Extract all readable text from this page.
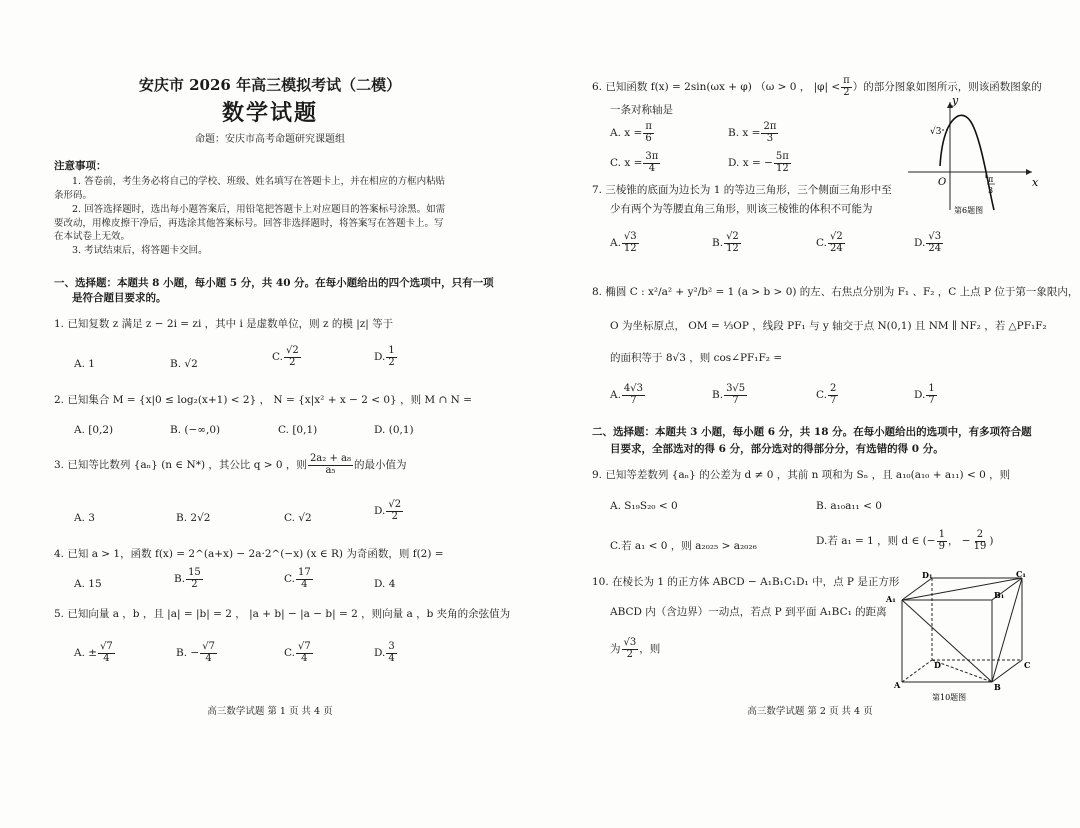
安庆市 2026 年高三模拟考试（二模）
数学试题
命题：安庆市高考命题研究课题组
注意事项：
1. 答卷前，考生务必将自己的学校、班级、姓名填写在答题卡上，并在相应的方框内粘贴
条形码。
2. 回答选择题时，选出每小题答案后，用铅笔把答题卡上对应题目的答案标号涂黑。如需
要改动，用橡皮擦干净后，再选涂其他答案标号。回答非选择题时，将答案写在答题卡上。写
在本试卷上无效。
3. 考试结束后，将答题卡交回。
一、选择题：本题共 8 小题，每小题 5 分，共 40 分。在每小题给出的四个选项中，只有一项
是符合题目要求的。
1. 已知复数 z 满足 z − 2i = zi ，其中 i 是虚数单位，则 z 的模 |z| 等于
A. 1	B. √2
C. $\frac{√2}{2}$	D. $\frac{1}{2}$
2. 已知集合 M = {x|0 ≤ log₂(x+1) < 2} ， N = {x|x² + x − 2 < 0} ，则 M ∩ N =
A. [0,2)	B. (−∞,0)	C. [0,1)	D. (0,1)
3. 已知等比数列 {aₙ} (n ∈ N*) ，其公比 q > 0 ，则 $\frac{\text{2a₂ + a₈}}{\text{a₅}}$ 的最小值为
A. 3	B. 2√2	C. √2
D. $\frac{√2}{2}$
4. 已知 a > 1，函数 f(x) = 2^(a+x) − 2a·2^(−x) (x ∈ R) 为奇函数，则 f(2) =
A. 15	B. $\frac{15}{2}$	C. $\frac{17}{4}$	D. 4
5. 已知向量 a ，b ，且 |a| = |b| = 2 ， |a + b| − |a − b| = 2 ，则向量 a ，b 夹角的余弦值为
A. ± $\frac{√7}{4}$	B. − $\frac{√7}{4}$	C. $\frac{√7}{4}$	D. $\frac{3}{4}$
高三数学试题 第 1 页 共 4 页
6. 已知函数 f(x) = 2sin(ωx + φ) （ω > 0 ， $|\varphi| < \frac{\pi}{2}$ ）的部分图象如图所示，则该函数图象的
一条对称轴是
A. $x = \frac{\pi}{6}$	B. $x = \frac{2\pi}{3}$
C. $x = \frac{3\pi}{4}$	D. x = − $\frac{5\pi}{12}$
y
x
O
√3
π
3
第6题图
7. 三棱锥的底面为边长为 1 的等边三角形，三个侧面三角形中至
少有两个为等腰直角三角形，则该三棱锥的体积不可能为
A. $\frac{√3}{12}$	B. $\frac{√2}{12}$	C. $\frac{√2}{24}$	D. $\frac{√3}{24}$
8. 椭圆 C : x²/a² + y²/b² = 1 (a > b > 0) 的左、右焦点分别为 F₁ 、F₂ ，C 上点 P 位于第一象限内，
O 为坐标原点， OM = ⅓OP ，线段 PF₁ 与 y 轴交于点 N(0,1) 且 NM ∥ NF₂ ，若 △PF₁F₂
的面积等于 8√3 ，则 cos∠PF₁F₂ =
A. $\frac{4√3}{7}$	B. $\frac{3√5}{7}$	C. $\frac{2}{7}$	D. $\frac{1}{7}$
二、选择题：本题共 3 小题，每小题 6 分，共 18 分。在每小题给出的选项中，有多项符合题
目要求，全部选对的得 6 分，部分选对的得部分分，有选错的得 0 分。
9. 已知等差数列 {aₙ} 的公差为 d ≠ 0 ，其前 n 项和为 Sₙ ，且 a₁₀(a₁₀ + a₁₁) < 0 ，则
A. S₁₉S₂₀ < 0	B. a₁₀a₁₁ < 0
C.若 a₁ < 0 ，则 a₂₀₂₅ > a₂₀₂₆	D.若 a₁ = 1 ，则 d ∈ (− $\frac{1}{9}$ ， − $\frac{2}{19}$ )
10. 在棱长为 1 的正方体 ABCD − A₁B₁C₁D₁ 中，点 P 是正方形
ABCD 内（含边界）一动点，若点 P 到平面 A₁BC₁ 的距离
为 $\frac{√3}{2}$ ，则
A₁
D₁
B₁
C₁
A	B
C
D
第10题图
高三数学试题 第 2 页 共 4 页
